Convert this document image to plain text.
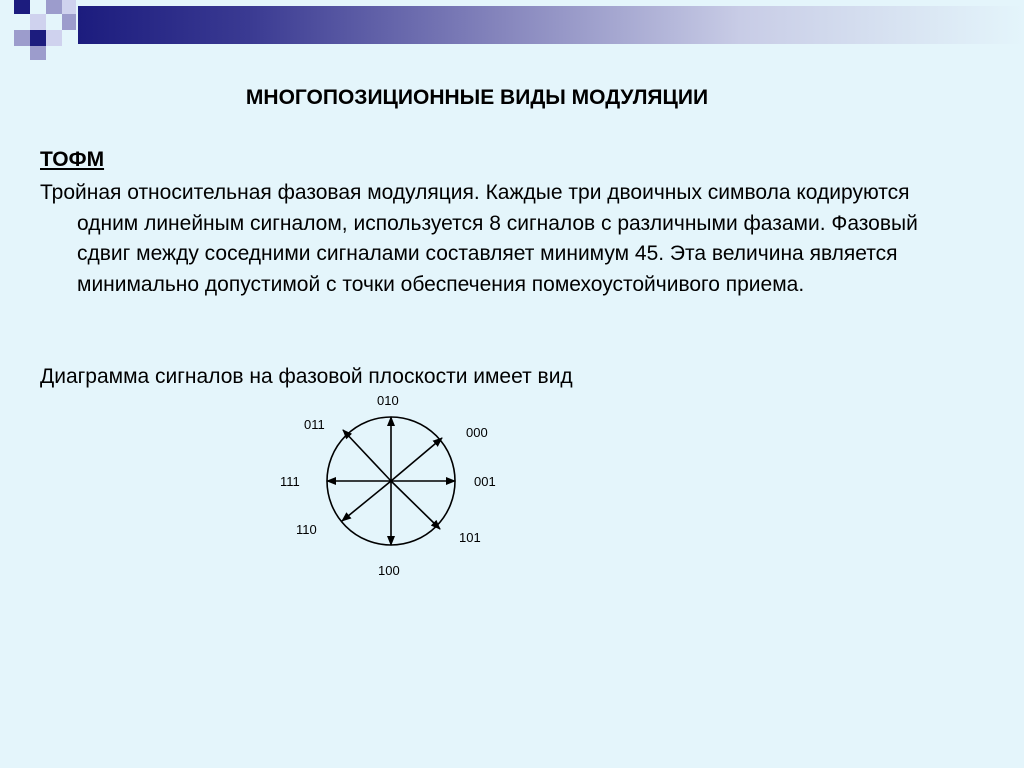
МНОГОПОЗИЦИОННЫЕ ВИДЫ МОДУЛЯЦИИ
ТОФМ
Тройная относительная фазовая модуляция. Каждые три двоичных символа кодируются одним линейным сигналом, используется 8 сигналов с различными фазами. Фазовый сдвиг между соседними сигналами составляет минимум 45. Эта величина является минимально допустимой с точки обеспечения помехоустойчивого приема.
Диаграмма сигналов на фазовой плоскости имеет вид
001
000
010
011
111
110
100
101
